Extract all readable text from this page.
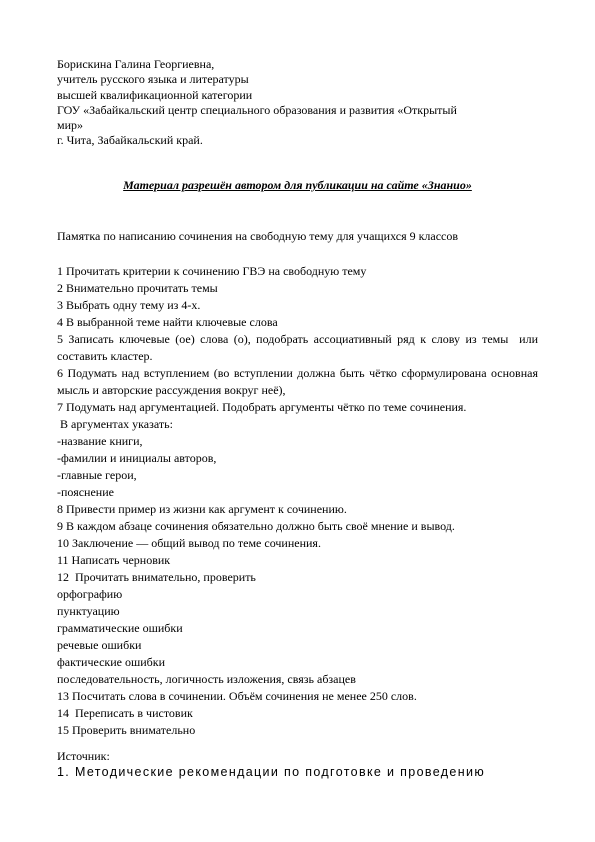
Борискина Галина Георгиевна,
учитель русского языка и литературы
высшей квалификационной категории
ГОУ «Забайкальский центр специального образования и развития «Открытый
мир»
г. Чита, Забайкальский край.
Материал разрешён автором для публикации на сайте «Знанио»
Памятка по написанию сочинения на свободную тему для учащихся 9 классов
1 Прочитать критерии к сочинению ГВЭ на свободную тему
2 Внимательно прочитать темы
3 Выбрать одну тему из 4-х.
4 В выбранной теме найти ключевые слова
5 Записать ключевые (ое) слова (о), подобрать ассоциативный ряд к слову из темы  или составить кластер.
6 Подумать над вступлением (во вступлении должна быть чётко сформулирована основная мысль и авторские рассуждения вокруг неё),
7 Подумать над аргументацией. Подобрать аргументы чётко по теме сочинения.
В аргументах указать:
-название книги,
-фамилии и инициалы авторов,
-главные герои,
-пояснение
8 Привести пример из жизни как аргумент к сочинению.
9 В каждом абзаце сочинения обязательно должно быть своё мнение и вывод.
10 Заключение — общий вывод по теме сочинения.
11 Написать черновик
12  Прочитать внимательно, проверить
орфографию
пунктуацию
грамматические ошибки
речевые ошибки
фактические ошибки
последовательность, логичность изложения, связь абзацев
13 Посчитать слова в сочинении. Объём сочинения не менее 250 слов.
14  Переписать в чистовик
15 Проверить внимательно
Источник:
1. Методические рекомендации по подготовке и проведению
